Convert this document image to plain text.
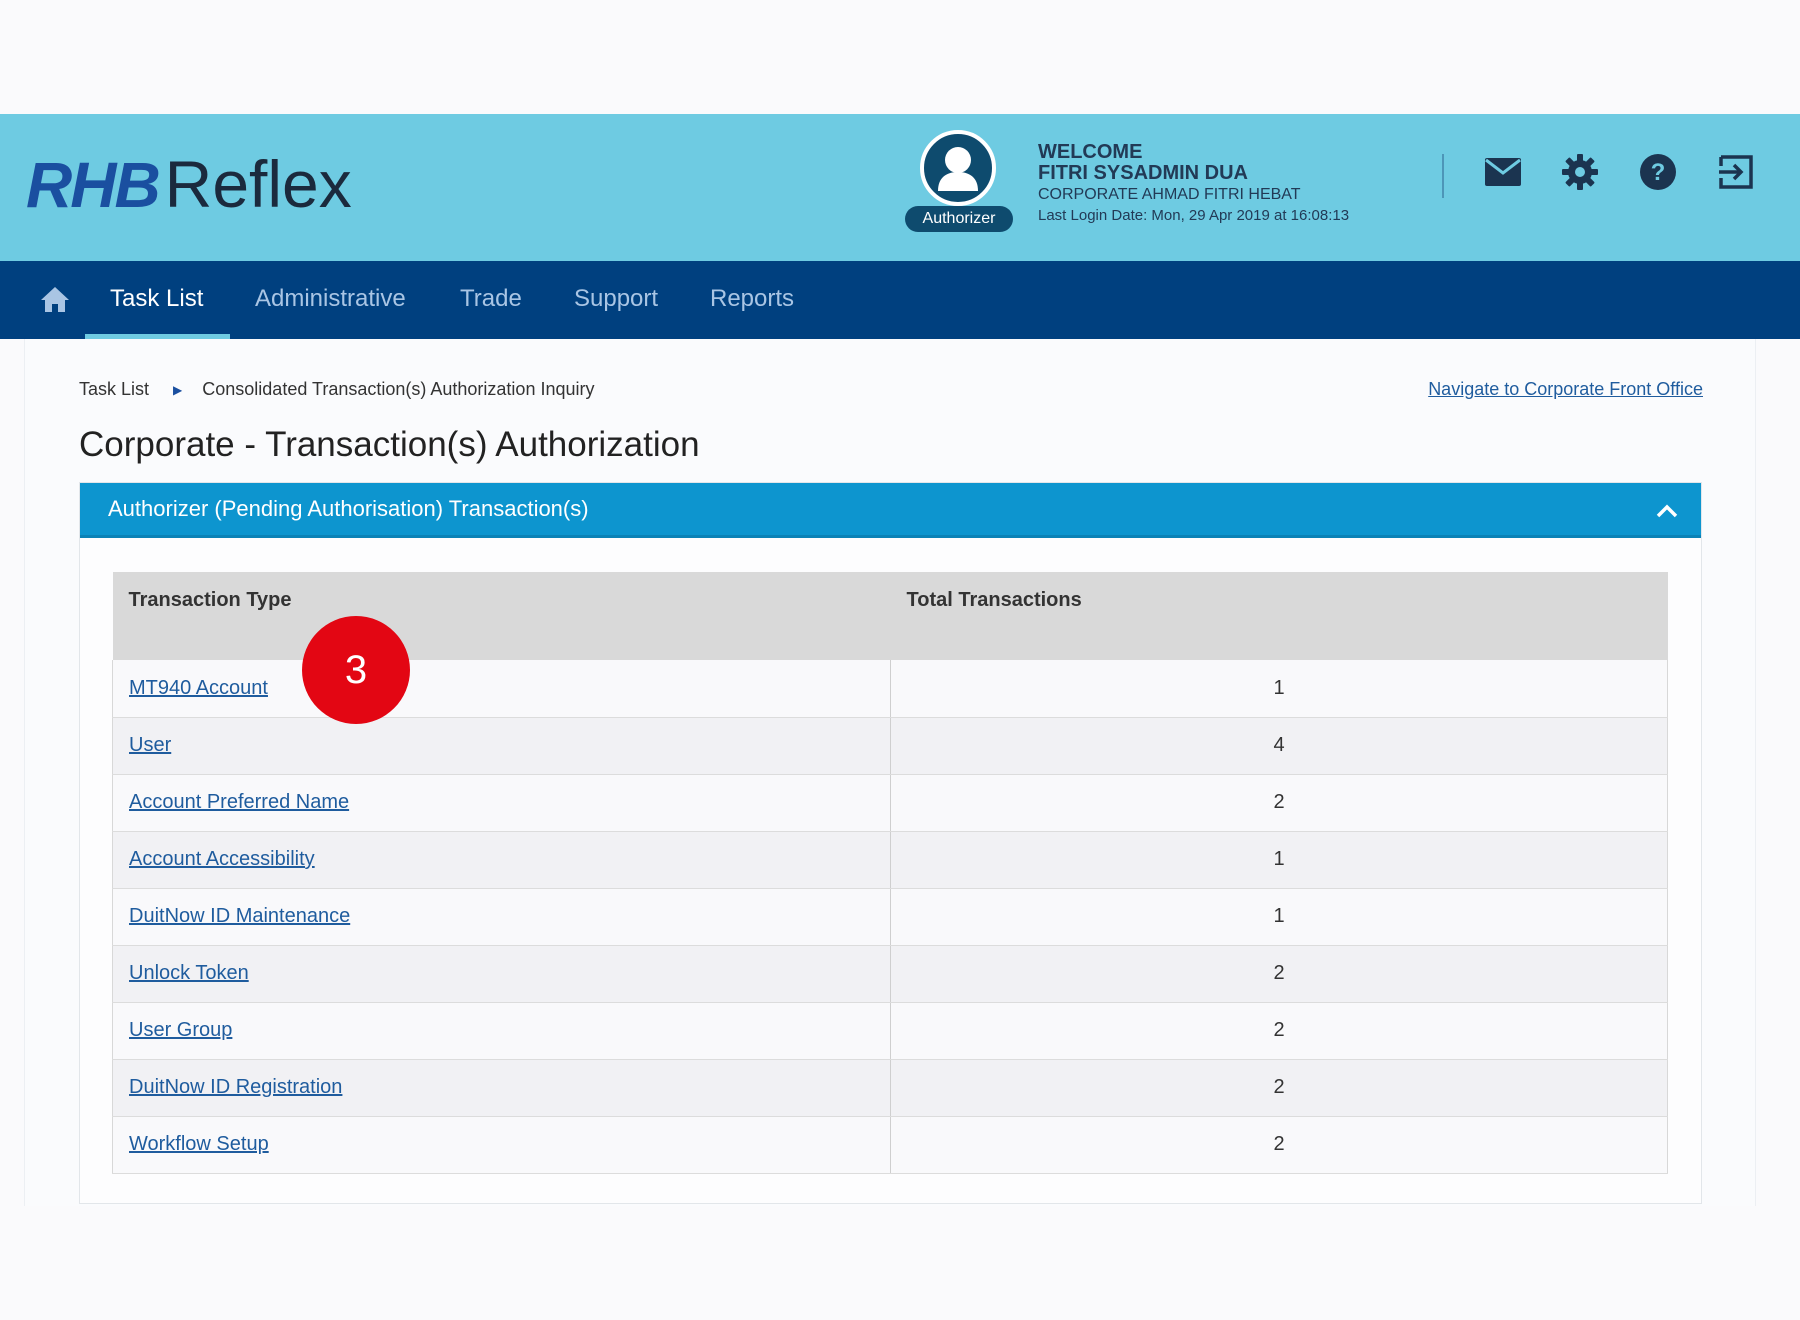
RHB Reflex	Authorizer
WELCOME
FITRI SYSADMIN DUA
CORPORATE AHMAD FITRI HEBAT
Last Login Date: Mon, 29 Apr 2019 at 16:08:13
?
Task List Administrative Trade Support Reports
Task List ▶ Consolidated Transaction(s) Authorization Inquiry	Navigate to Corporate Front Office
Corporate - Transaction(s) Authorization
Authorizer (Pending Authorisation) Transaction(s)
Transaction Type	Total Transactions
MT940 Account	1
User	4
Account Preferred Name	2
Account Accessibility	1
DuitNow ID Maintenance	1
Unlock Token	2
User Group	2
DuitNow ID Registration	2
Workflow Setup	2
3
